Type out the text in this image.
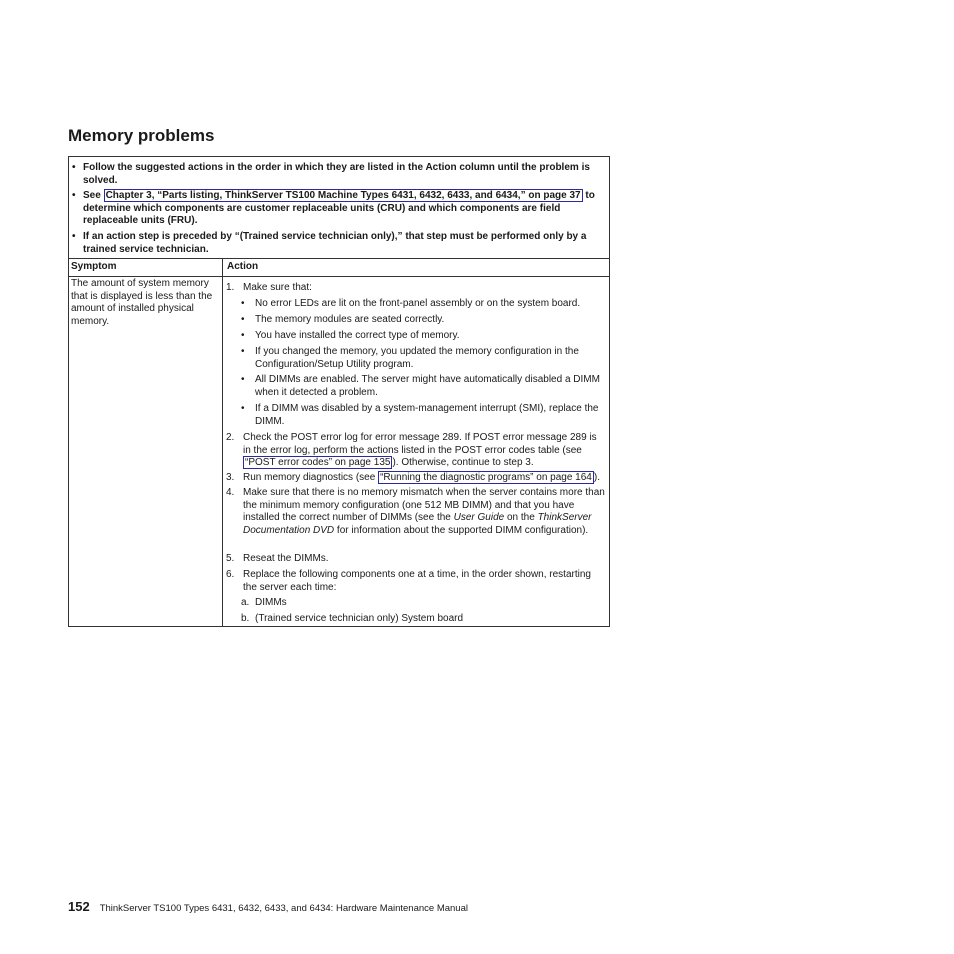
Memory problems
• Follow the suggested actions in the order in which they are listed in the Action column until the problem is solved.
• See Chapter 3, “Parts listing, ThinkServer TS100 Machine Types 6431, 6432, 6433, and 6434,” on page 37 to determine which components are customer replaceable units (CRU) and which components are field replaceable units (FRU).
• If an action step is preceded by “(Trained service technician only),” that step must be performed only by a trained service technician.
Symptom	Action
The amount of system memory that is displayed is less than the amount of installed physical memory.
1. Make sure that:
• No error LEDs are lit on the front-panel assembly or on the system board.
• The memory modules are seated correctly.
• You have installed the correct type of memory.
• If you changed the memory, you updated the memory configuration in the Configuration/Setup Utility program.
• All DIMMs are enabled. The server might have automatically disabled a DIMM when it detected a problem.
• If a DIMM was disabled by a system-management interrupt (SMI), replace the DIMM.
2. Check the POST error log for error message 289. If POST error message 289 is in the error log, perform the actions listed in the POST error codes table (see “POST error codes” on page 135 ). Otherwise, continue to step 3.
3. Run memory diagnostics (see “Running the diagnostic programs” on page 164 ).
4. Make sure that there is no memory mismatch when the server contains more than the minimum memory configuration (one 512 MB DIMM) and that you have installed the correct number of DIMMs (see the User Guide on the ThinkServer Documentation DVD for information about the supported DIMM configuration).
5. Reseat the DIMMs.
6. Replace the following components one at a time, in the order shown, restarting the server each time:
a. DIMMs
b. (Trained service technician only) System board
152 ThinkServer TS100 Types 6431, 6432, 6433, and 6434: Hardware Maintenance Manual
